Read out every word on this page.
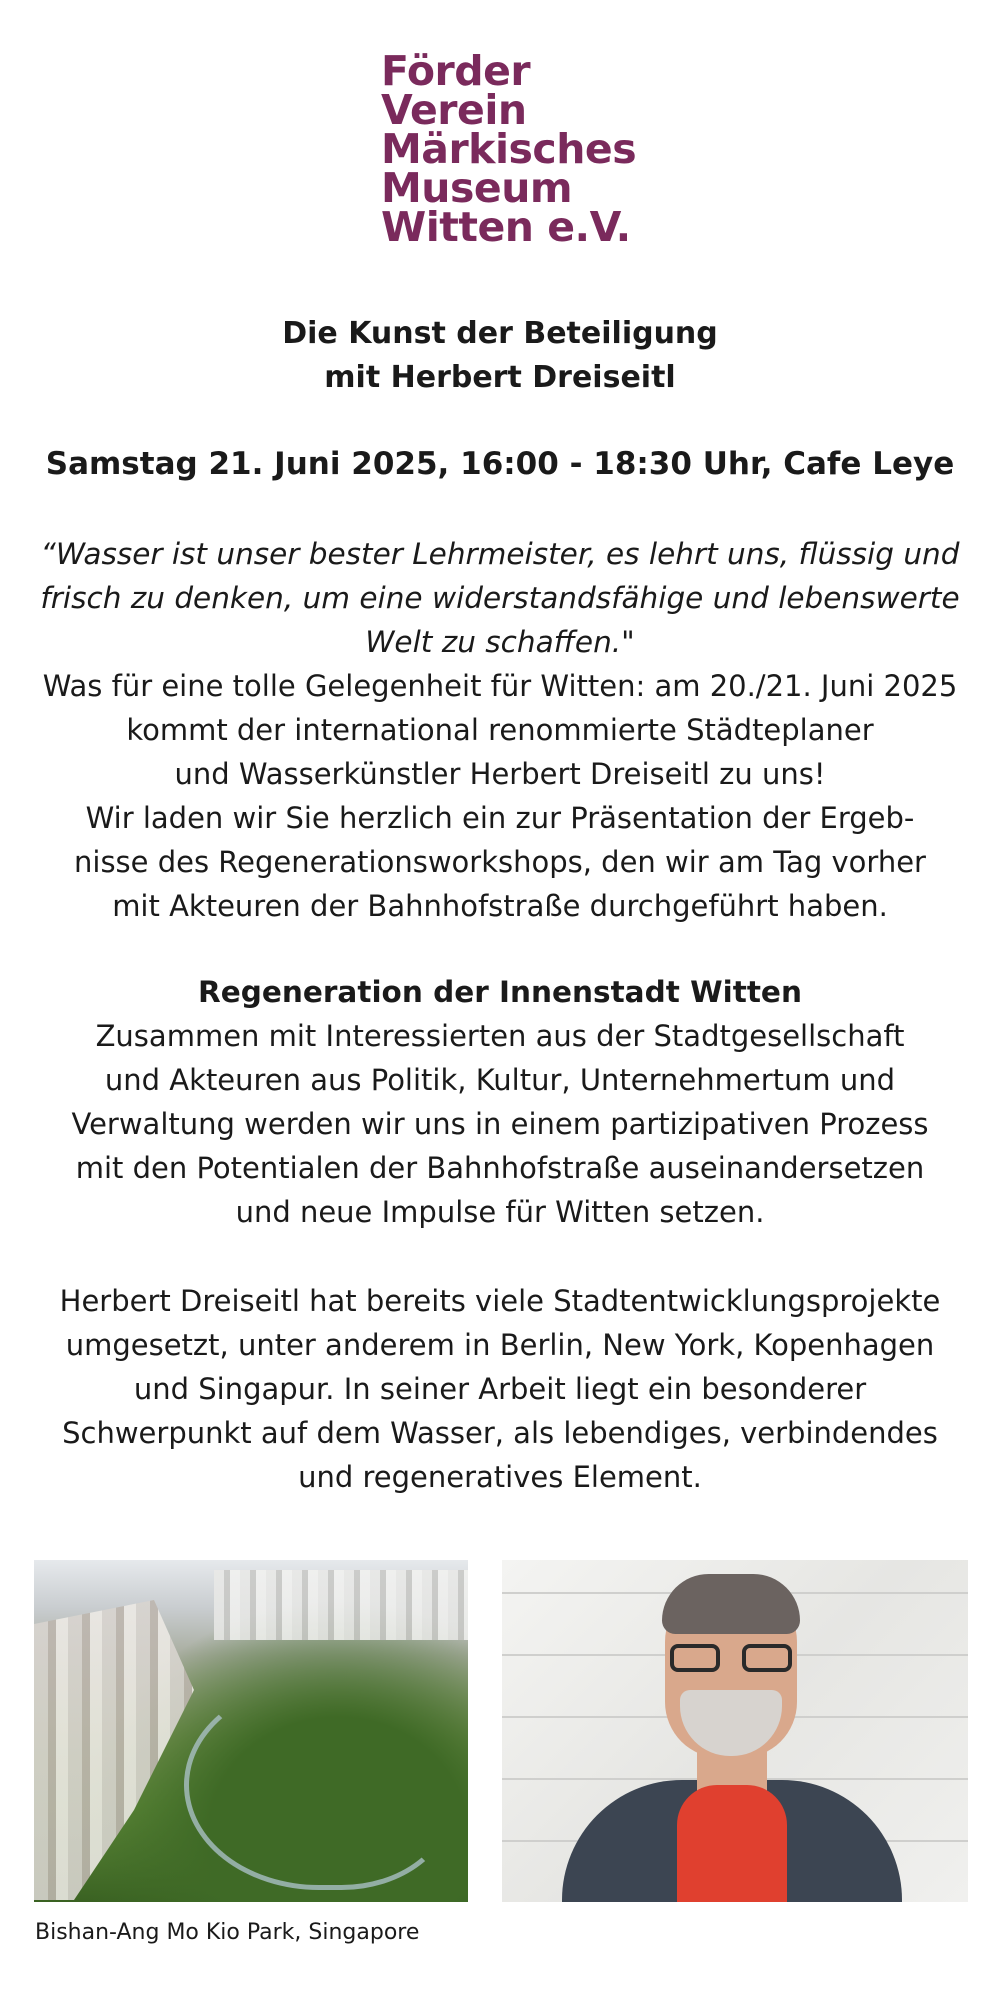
Förder
Verein
Märkisches
Museum
Witten e.V.
Die Kunst der Beteiligung
mit Herbert Dreiseitl
Samstag 21. Juni 2025, 16:00 - 18:30 Uhr, Cafe Leye
“Wasser ist unser bester Lehrmeister, es lehrt uns, flüssig und
frisch zu denken, um eine widerstandsfähige und lebenswerte
Welt zu schaffen."
Was für eine tolle Gelegenheit für Witten: am 20./21. Juni 2025
kommt der international renommierte Städteplaner
und Wasserkünstler Herbert Dreiseitl zu uns!
Wir laden wir Sie herzlich ein zur Präsentation der Ergeb-
nisse des Regenerationsworkshops, den wir am Tag vorher
mit Akteuren der Bahnhofstraße durchgeführt haben.
Regeneration der Innenstadt Witten
Zusammen mit Interessierten aus der Stadtgesellschaft
und Akteuren aus Politik, Kultur, Unternehmertum und
Verwaltung werden wir uns in einem partizipativen Prozess
mit den Potentialen der Bahnhofstraße auseinandersetzen
und neue Impulse für Witten setzen.
Herbert Dreiseitl hat bereits viele Stadtentwicklungsprojekte
umgesetzt, unter anderem in Berlin, New York, Kopenhagen
und Singapur. In seiner Arbeit liegt ein besonderer
Schwerpunkt auf dem Wasser, als lebendiges, verbindendes
und regeneratives Element.
Bishan-Ang Mo Kio Park, Singapore
